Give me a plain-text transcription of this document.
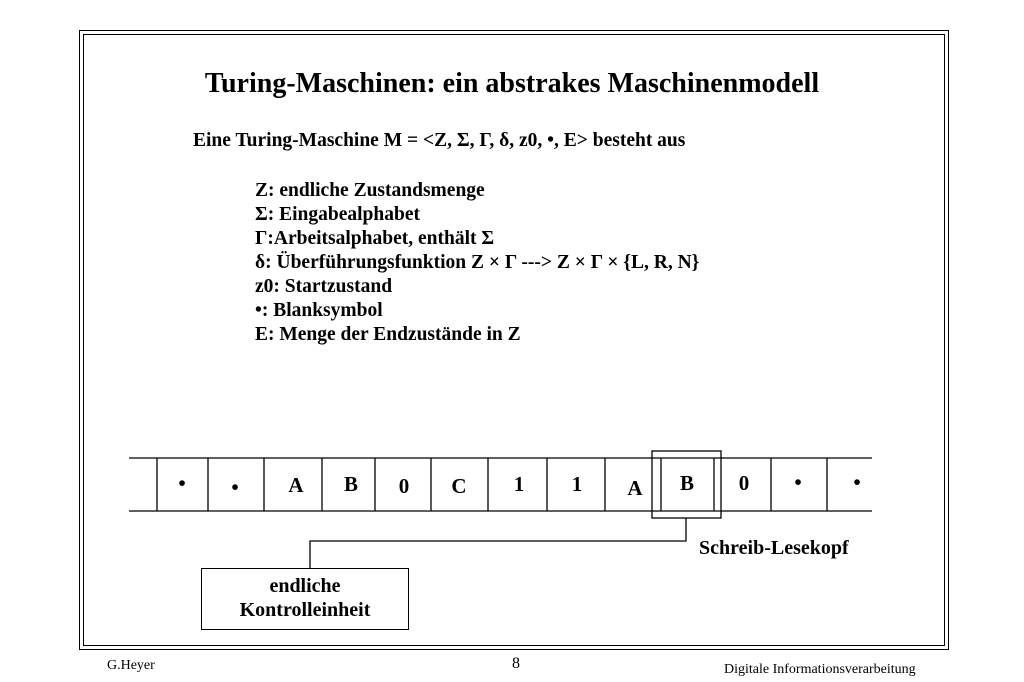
Turing-Maschinen: ein abstrakes Maschinenmodell
Eine Turing-Maschine M = <Z, Σ, Γ, δ, z0, •, E> besteht aus
Z: endliche Zustandsmenge
Σ: Eingabealphabet
Γ:Arbeitsalphabet, enthält Σ
δ: Überführungsfunktion Z × Γ ---> Z × Γ × {L, R, N}
z0: Startzustand
•: Blanksymbol
E: Menge der Endzustände in Z
•	•	A	B	0	C	1	1	A	B	0	•	•
Schreib-Lesekopf
endliche
Kontrolleinheit
G.Heyer	8	Digitale Informationsverarbeitung
